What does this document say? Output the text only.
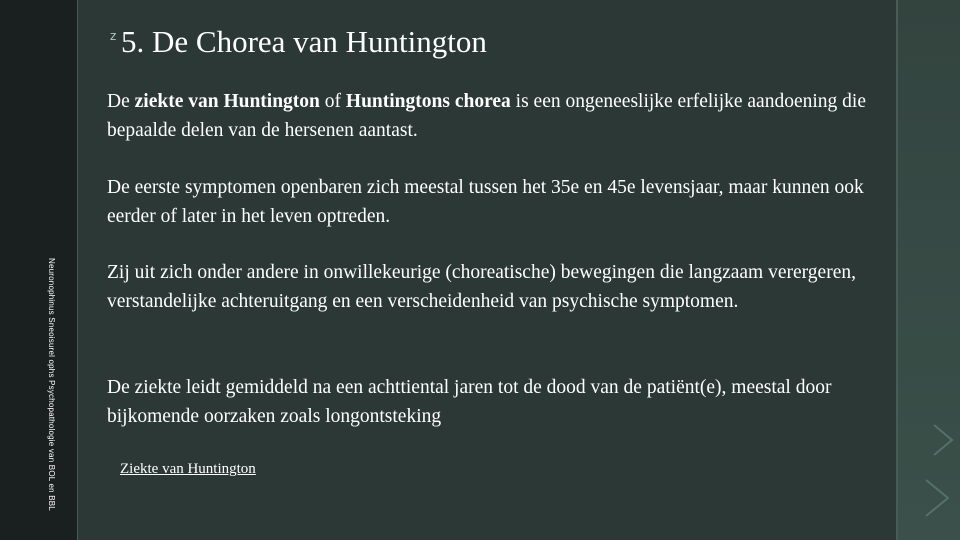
Neuronophinus Sneoisurel ophs Psychopathologie van BOL en BBL
z 5. De Chorea van Huntington

De ziekte van Huntington of Huntingtons chorea is een ongeneeslijke erfelijke aandoening die bepaalde delen van de hersenen aantast.

De eerste symptomen openbaren zich meestal tussen het 35e en 45e levensjaar, maar kunnen ook eerder of later in het leven optreden.

Zij uit zich onder andere in onwillekeurige (choreatische) bewegingen die langzaam verergeren, verstandelijke achteruitgang en een verscheidenheid van psychische symptomen.

De ziekte leidt gemiddeld na een achttiental jaren tot de dood van de patiënt(e), meestal door bijkomende oorzaken zoals longontsteking

Ziekte van Huntington
